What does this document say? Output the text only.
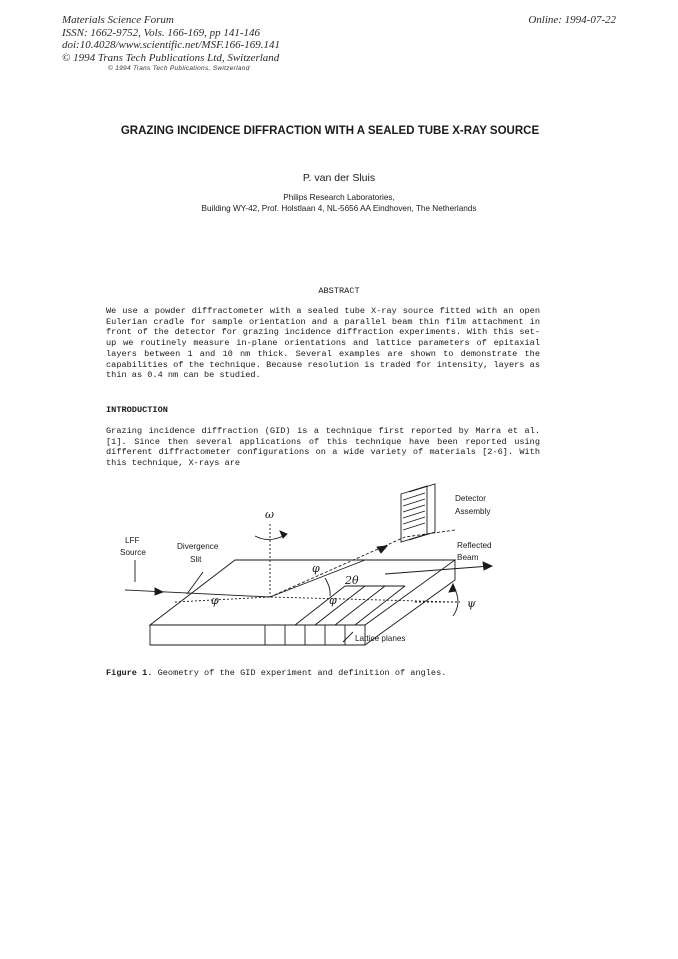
Materials Science Forum
ISSN: 1662-9752, Vols. 166-169, pp 141-146
doi:10.4028/www.scientific.net/MSF.166-169.141
© 1994 Trans Tech Publications Ltd, Switzerland
Online: 1994-07-22
© 1994 Trans Tech Publications, Switzerland
GRAZING INCIDENCE DIFFRACTION WITH A SEALED TUBE X-RAY SOURCE
P. van der Sluis
Philips Research Laboratories,
Building WY-42, Prof. Holstlaan 4, NL-5656 AA Eindhoven, The Netherlands
ABSTRACT

We use a powder diffractometer with a sealed tube X-ray source fitted with an open Eulerian cradle for sample orientation and a parallel beam thin film attachment in front of the detector for grazing incidence diffraction experiments. With this set-up we routinely measure in-plane orientations and lattice parameters of epitaxial layers between 1 and 10 nm thick. Several examples are shown to demonstrate the capabilities of the technique. Because resolution is traded for intensity, layers as thin as 0.4 nm can be studied.

INTRODUCTION

Grazing incidence diffraction (GID) is a technique first reported by Marra et al. [1]. Since then several applications of this technique have been reported using different diffractometer configurations on a wide variety of materials [2-6]. With this technique, X-rays are

Detector
Assembly
LFF
Source
Divergence
Slit
Reflected
Beam
Lattice planes
ω
2θ
φ
φ	φ	ψ
Figure 1. Geometry of the GID experiment and definition of angles.
